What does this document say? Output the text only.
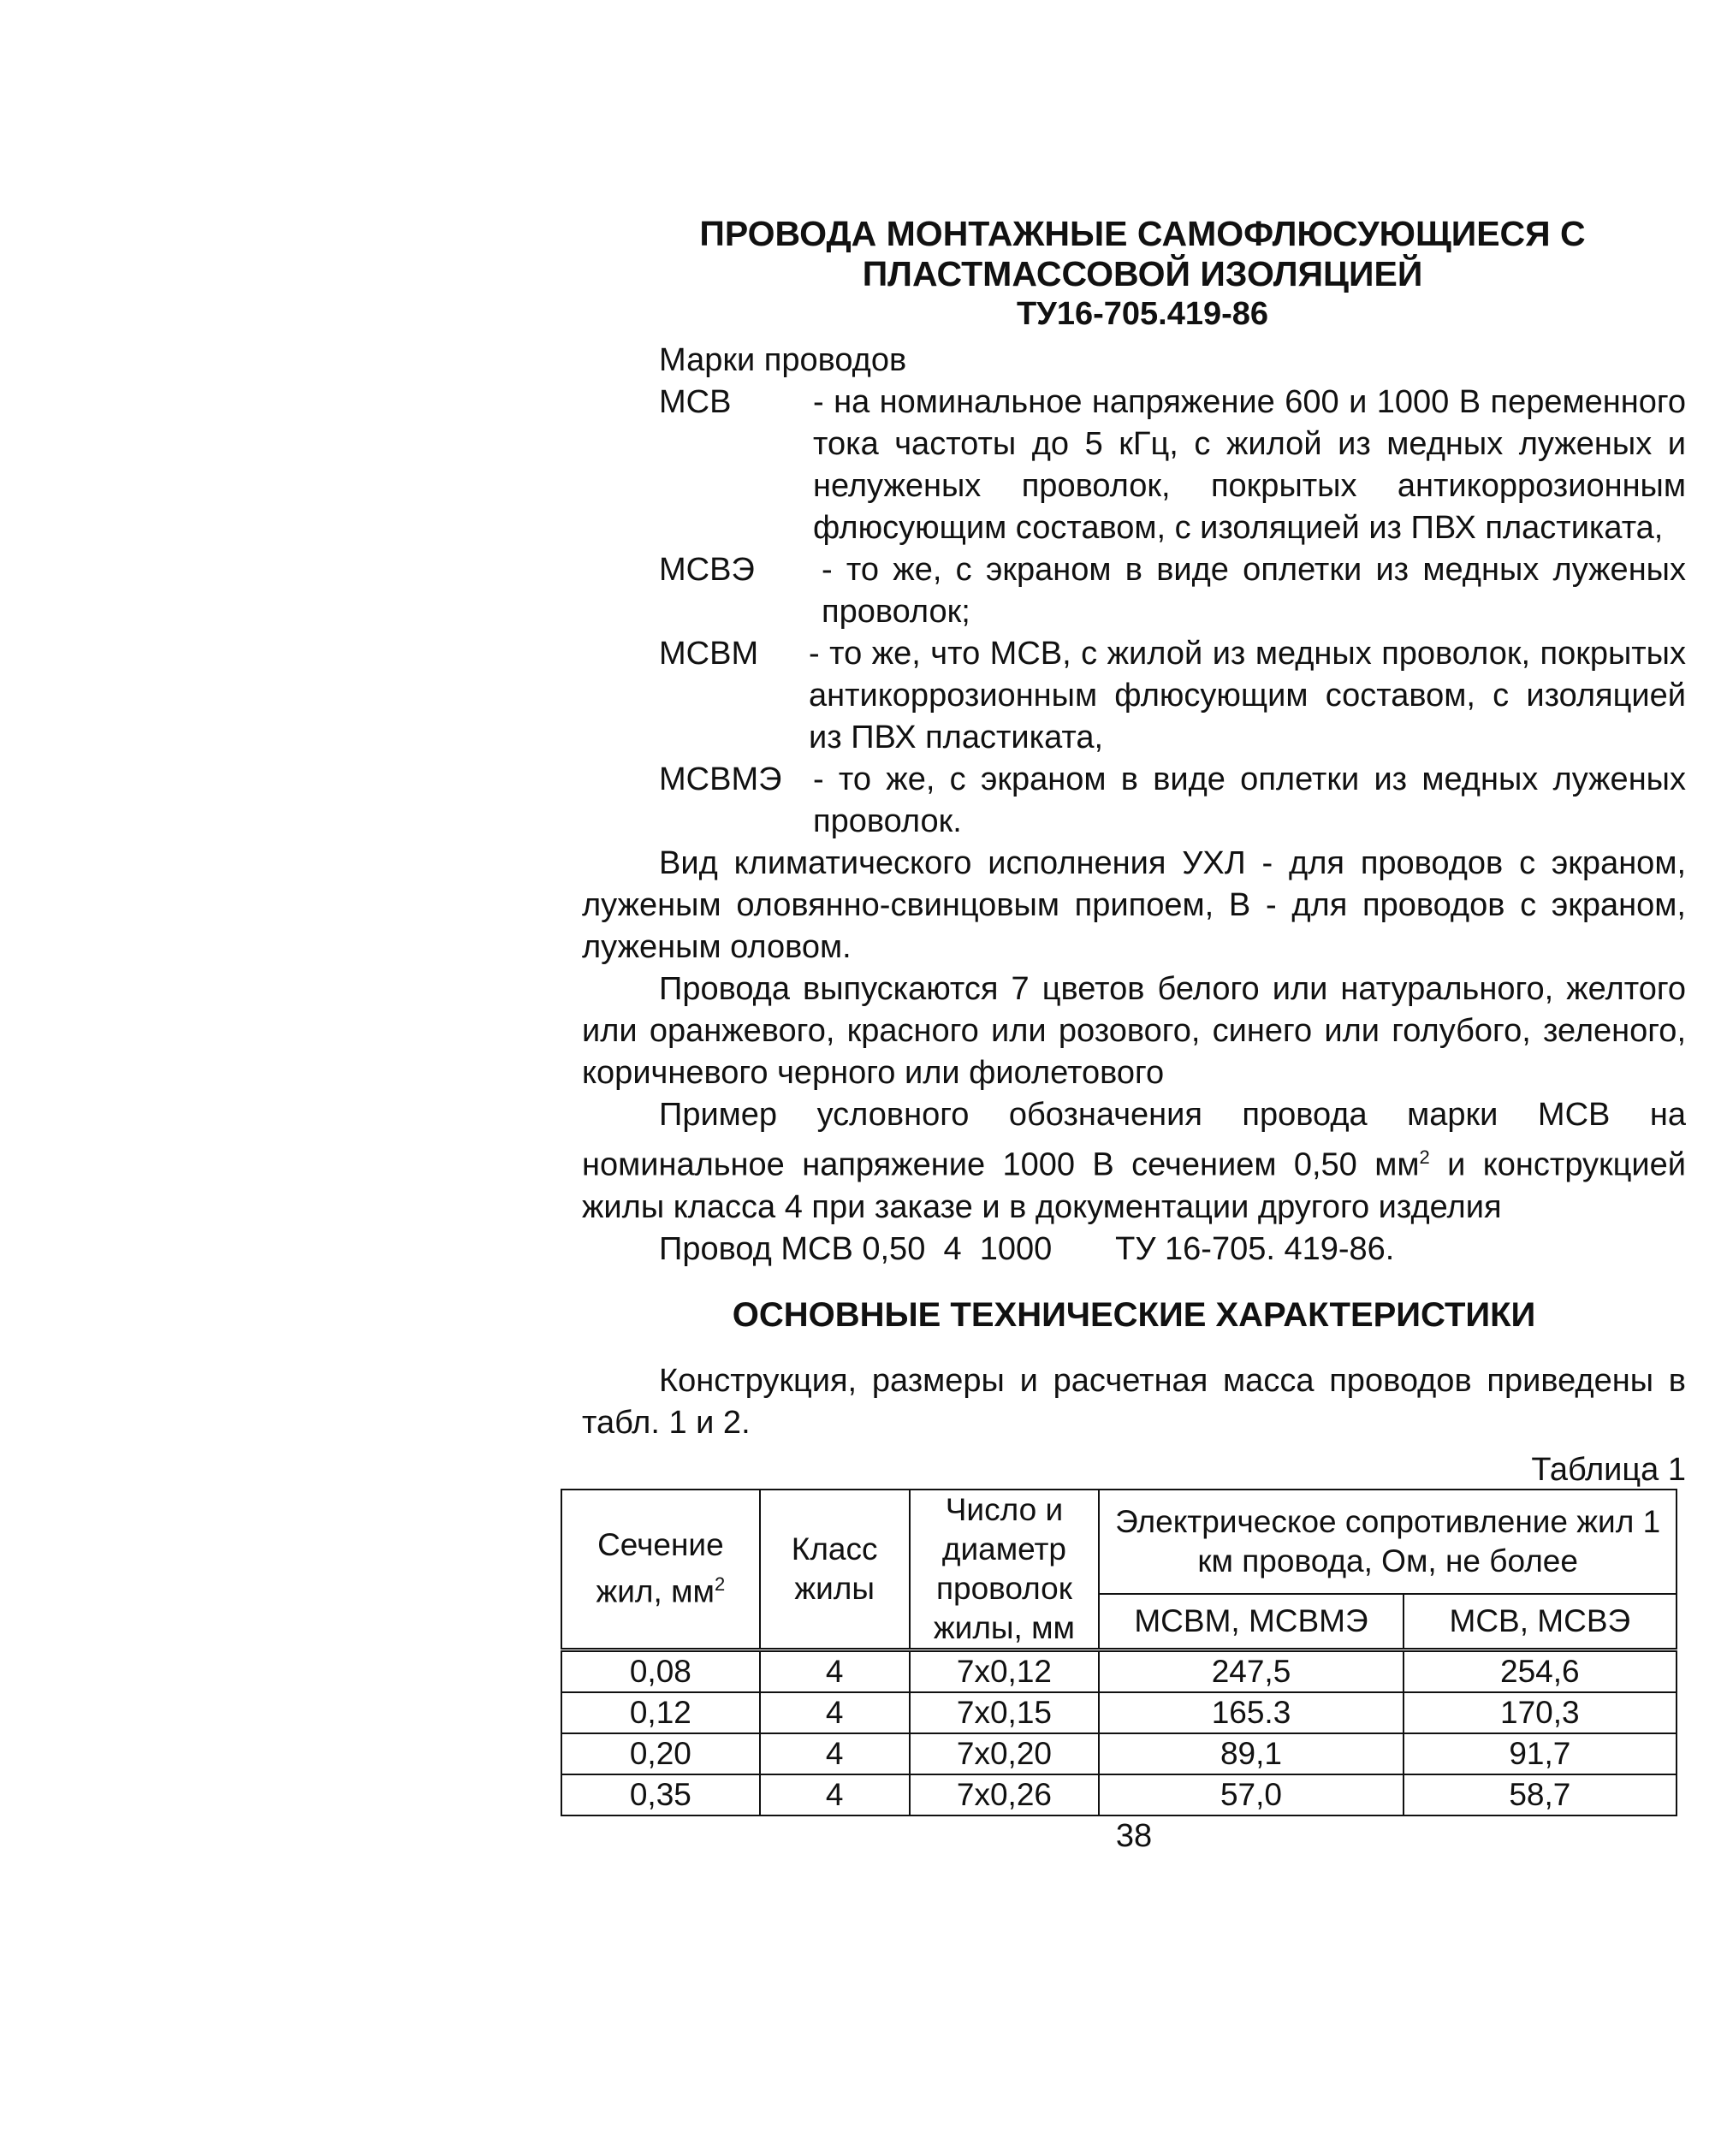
ПРОВОДА МОНТАЖНЫЕ САМОФЛЮСУЮЩИЕСЯ С
ПЛАСТМАССОВОЙ ИЗОЛЯЦИЕЙ
ТУ16-705.419-86
Марки проводов
МСВ	- на номинальное напряжение 600 и 1000 В переменного тока частоты до 5 кГц, с жилой из медных луженых и нелуженых проволок, покрытых антикоррозионным флюсующим составом, с изоляцией из ПВХ пластиката,
МСВЭ	- то же, с экраном в виде оплетки из медных луженых проволок;
МСВМ	- то же, что МСВ, с жилой из медных проволок, покрытых антикоррозионным флюсующим составом, с изоляцией из ПВХ пластиката,
МСВМЭ - то же, с экраном в виде оплетки из медных луженых проволок.

Вид климатического исполнения УХЛ - для проводов с экраном, луженым оловянно-свинцовым припоем, В - для проводов с экраном, луженым оловом.

Провода выпускаются 7 цветов белого или натурального, желтого или оранжевого, красного или розового, синего или голубого, зеленого, коричневого черного или фиолетового

Пример условного обозначения провода марки МСВ на номинальное напряжение 1000 В сечением 0,50 $мм^2$ и конструкцией жилы класса 4 при заказе и в документации другого изделия

Провод МСВ 0,50  4  1000       ТУ 16-705. 419-86.
ОСНОВНЫЕ ТЕХНИЧЕСКИЕ ХАРАКТЕРИСТИКИ

Конструкция, размеры и расчетная масса проводов приведены в табл. 1 и 2.

Таблица 1
Сечение жил, $мм^2$	Класс жилы	Число и диаметр проволок жилы, мм	Электрическое сопротивление жил 1 км провода, Ом, не более	
			МСВМ, МСВМЭ	МСВ, МСВЭ
0,08	4	7х0,12	247,5	254,6
0,12	4	7х0,15	165.3	170,3
0,20	4	7х0,20	89,1	91,7
0,35	4	7х0,26	57,0	58,7
38
